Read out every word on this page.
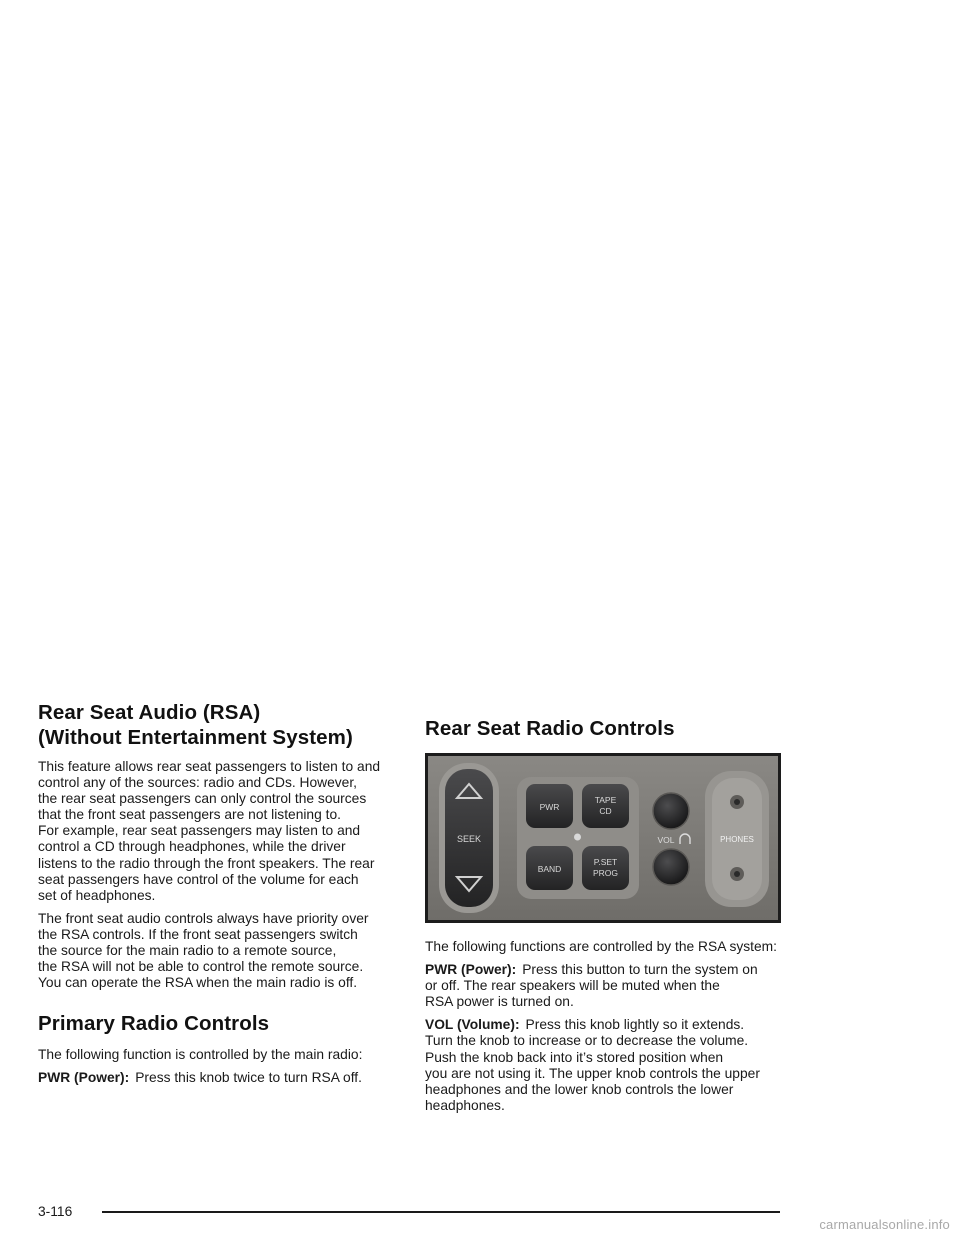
Rear Seat Audio (RSA)
(Without Entertainment System)

This feature allows rear seat passengers to listen to and
control any of the sources: radio and CDs. However,
the rear seat passengers can only control the sources
that the front seat passengers are not listening to.
For example, rear seat passengers may listen to and
control a CD through headphones, while the driver
listens to the radio through the front speakers. The rear
seat passengers have control of the volume for each
set of headphones.

The front seat audio controls always have priority over
the RSA controls. If the front seat passengers switch
the source for the main radio to a remote source,
the RSA will not be able to control the remote source.
You can operate the RSA when the main radio is off.

Primary Radio Controls

The following function is controlled by the main radio:

PWR (Power): Press this knob twice to turn RSA off.

Rear Seat Radio Controls
SEEK
PWR
TAPE
CD
BAND
P.SET
PROG
VOL	PHONES

The following functions are controlled by the RSA system:

PWR (Power): Press this button to turn the system on
or off. The rear speakers will be muted when the
RSA power is turned on.

VOL (Volume): Press this knob lightly so it extends.
Turn the knob to increase or to decrease the volume.
Push the knob back into it’s stored position when
you are not using it. The upper knob controls the upper
headphones and the lower knob controls the lower
headphones.

3-116
carmanualsonline.info
